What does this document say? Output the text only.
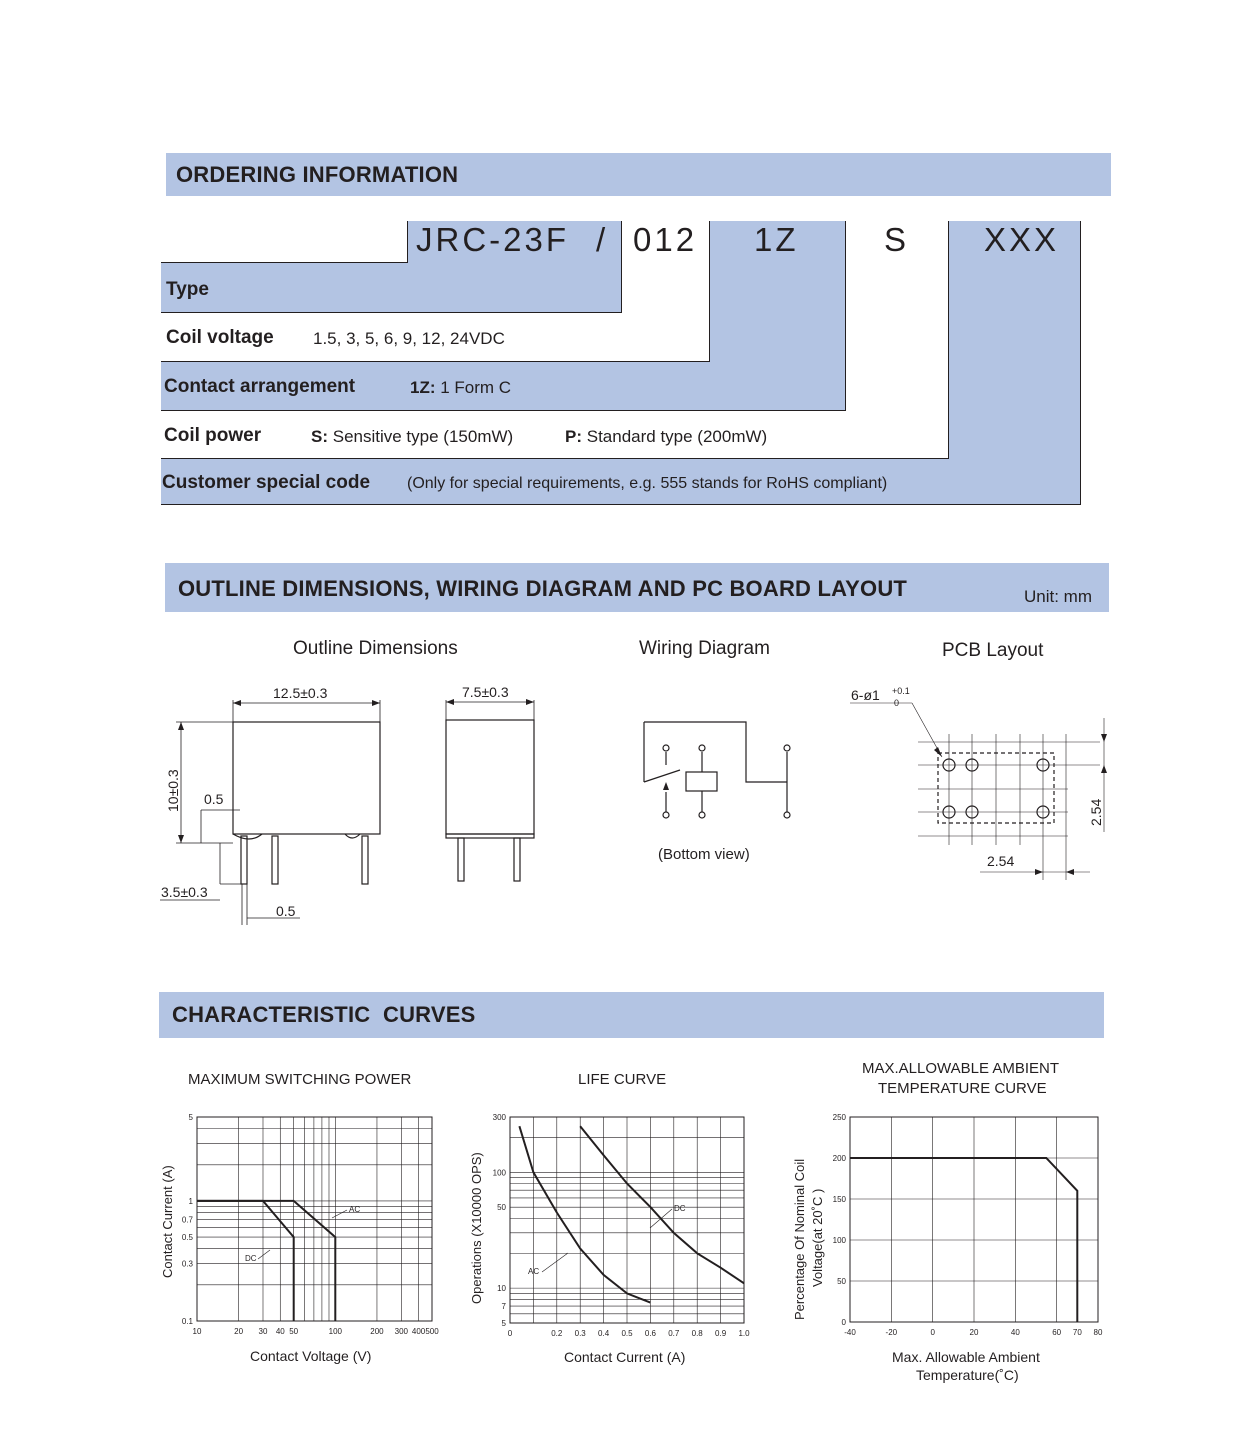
ORDERING INFORMATION
JRC-23F / 012 1Z	S XXX
Type
Coil voltage 1.5, 3, 5, 6, 9, 12, 24VDC
Contact arrangement	1Z: 1 Form C
Coil power	S: Sensitive type (150mW)	P: Standard type (200mW)
Customer special code (Only for special requirements, e.g. 555 stands for RoHS compliant)
OUTLINE DIMENSIONS, WIRING DIAGRAM AND PC BOARD LAYOUT	Unit: mm
Outline Dimensions	Wiring Diagram	PCB Layout
12.5±0.3	7.5±0.3
10±0.3 0.5
3.5±0.3
0.5
6-ø1 +0.1
0
2.54
2.54
(Bottom view)
CHARACTERISTIC  CURVES
MAXIMUM SWITCHING POWER	LIFE CURVE
MAX.ALLOWABLE AMBIENT
TEMPERATURE CURVE
Contact Voltage (V)	Contact Current (A)	Max. Allowable Ambient
Temperature(˚C)
10	20 30 40 50	100	200 300 400 500
5
1
0.7
0.5
0.3
0.1
AC
DC
0	0.2 0.3 0.4 0.5 0.6 0.7 0.8 0.9 1.0
300
100
50
10
7
5
DC
AC
-40	-20	0	20	40	60 70 80
250
200
150
100
50
0
Contact Current (A)	Operations (X10000 OPS)	Percentage Of Nominal Coil Voltage(at 20˚C )
